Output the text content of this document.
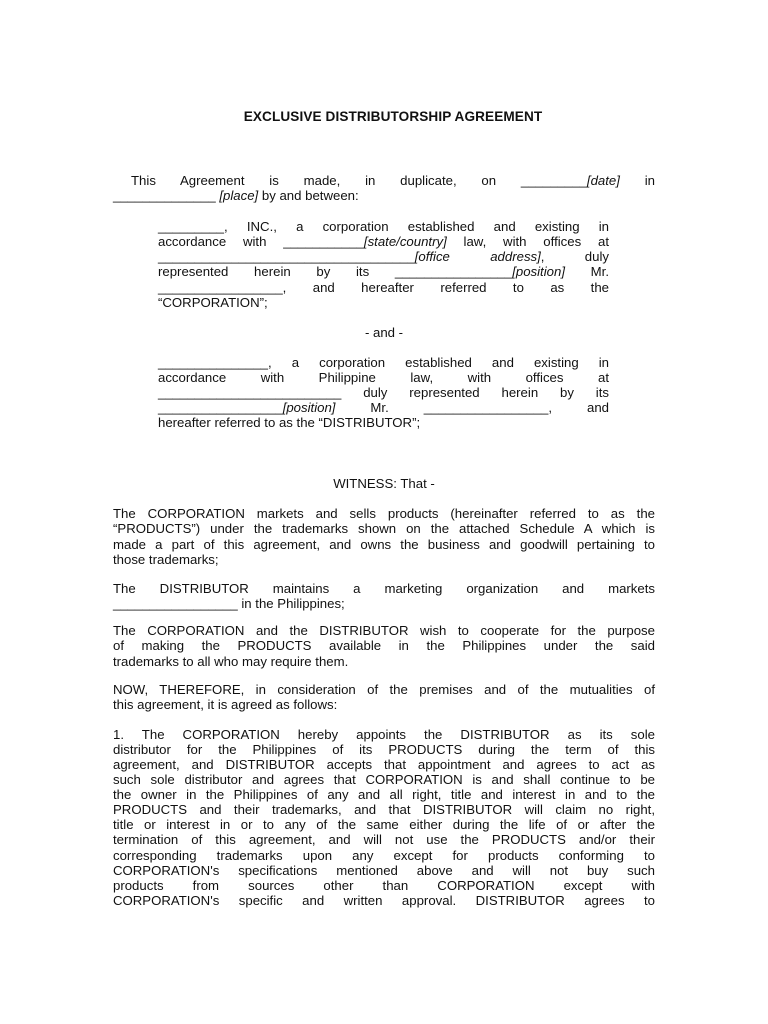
EXCLUSIVE DISTRIBUTORSHIP AGREEMENT
This   Agreement   is   made,   in   duplicate,   on   _________[date]   in
______________ [place] by and between:
_________, INC., a corporation established and existing in
accordance with ___________[state/country] law, with offices at
___________________________________[office address], duly
represented herein by its ________________[position] Mr.
_________________, and hereafter referred to as the
“CORPORATION”;
- and -
_______________, a corporation established and existing in
accordance with Philippine law, with offices at
_________________________ duly represented herein by its
_________________[position] Mr. _________________, and
hereafter referred to as the “DISTRIBUTOR”;
WITNESS: That -
The CORPORATION markets and sells products (hereinafter referred to as the
“PRODUCTS”) under the trademarks shown on the attached Schedule A which is
made a part of this agreement, and owns the business and goodwill pertaining to
those trademarks;
The DISTRIBUTOR maintains a marketing organization and markets
_________________ in the Philippines;
The CORPORATION and the DISTRIBUTOR wish to cooperate for the purpose
of making the PRODUCTS available in the Philippines under the said
trademarks to all who may require them.
NOW, THEREFORE, in consideration of the premises and of the mutualities of
this agreement, it is agreed as follows:
1. The CORPORATION hereby appoints the DISTRIBUTOR as its sole
distributor for the Philippines of its PRODUCTS during the term of this
agreement, and DISTRIBUTOR accepts that appointment and agrees to act as
such sole distributor and agrees that CORPORATION is and shall continue to be
the owner in the Philippines of any and all right, title and interest in and to the
PRODUCTS and their trademarks, and that DISTRIBUTOR will claim no right,
title or interest in or to any of the same either during the life of or after the
termination of this agreement, and will not use the PRODUCTS and/or their
corresponding trademarks upon any except for products conforming to
CORPORATION's specifications mentioned above and will not buy such
products from sources other than CORPORATION except with
CORPORATION's specific and written approval. DISTRIBUTOR agrees to
